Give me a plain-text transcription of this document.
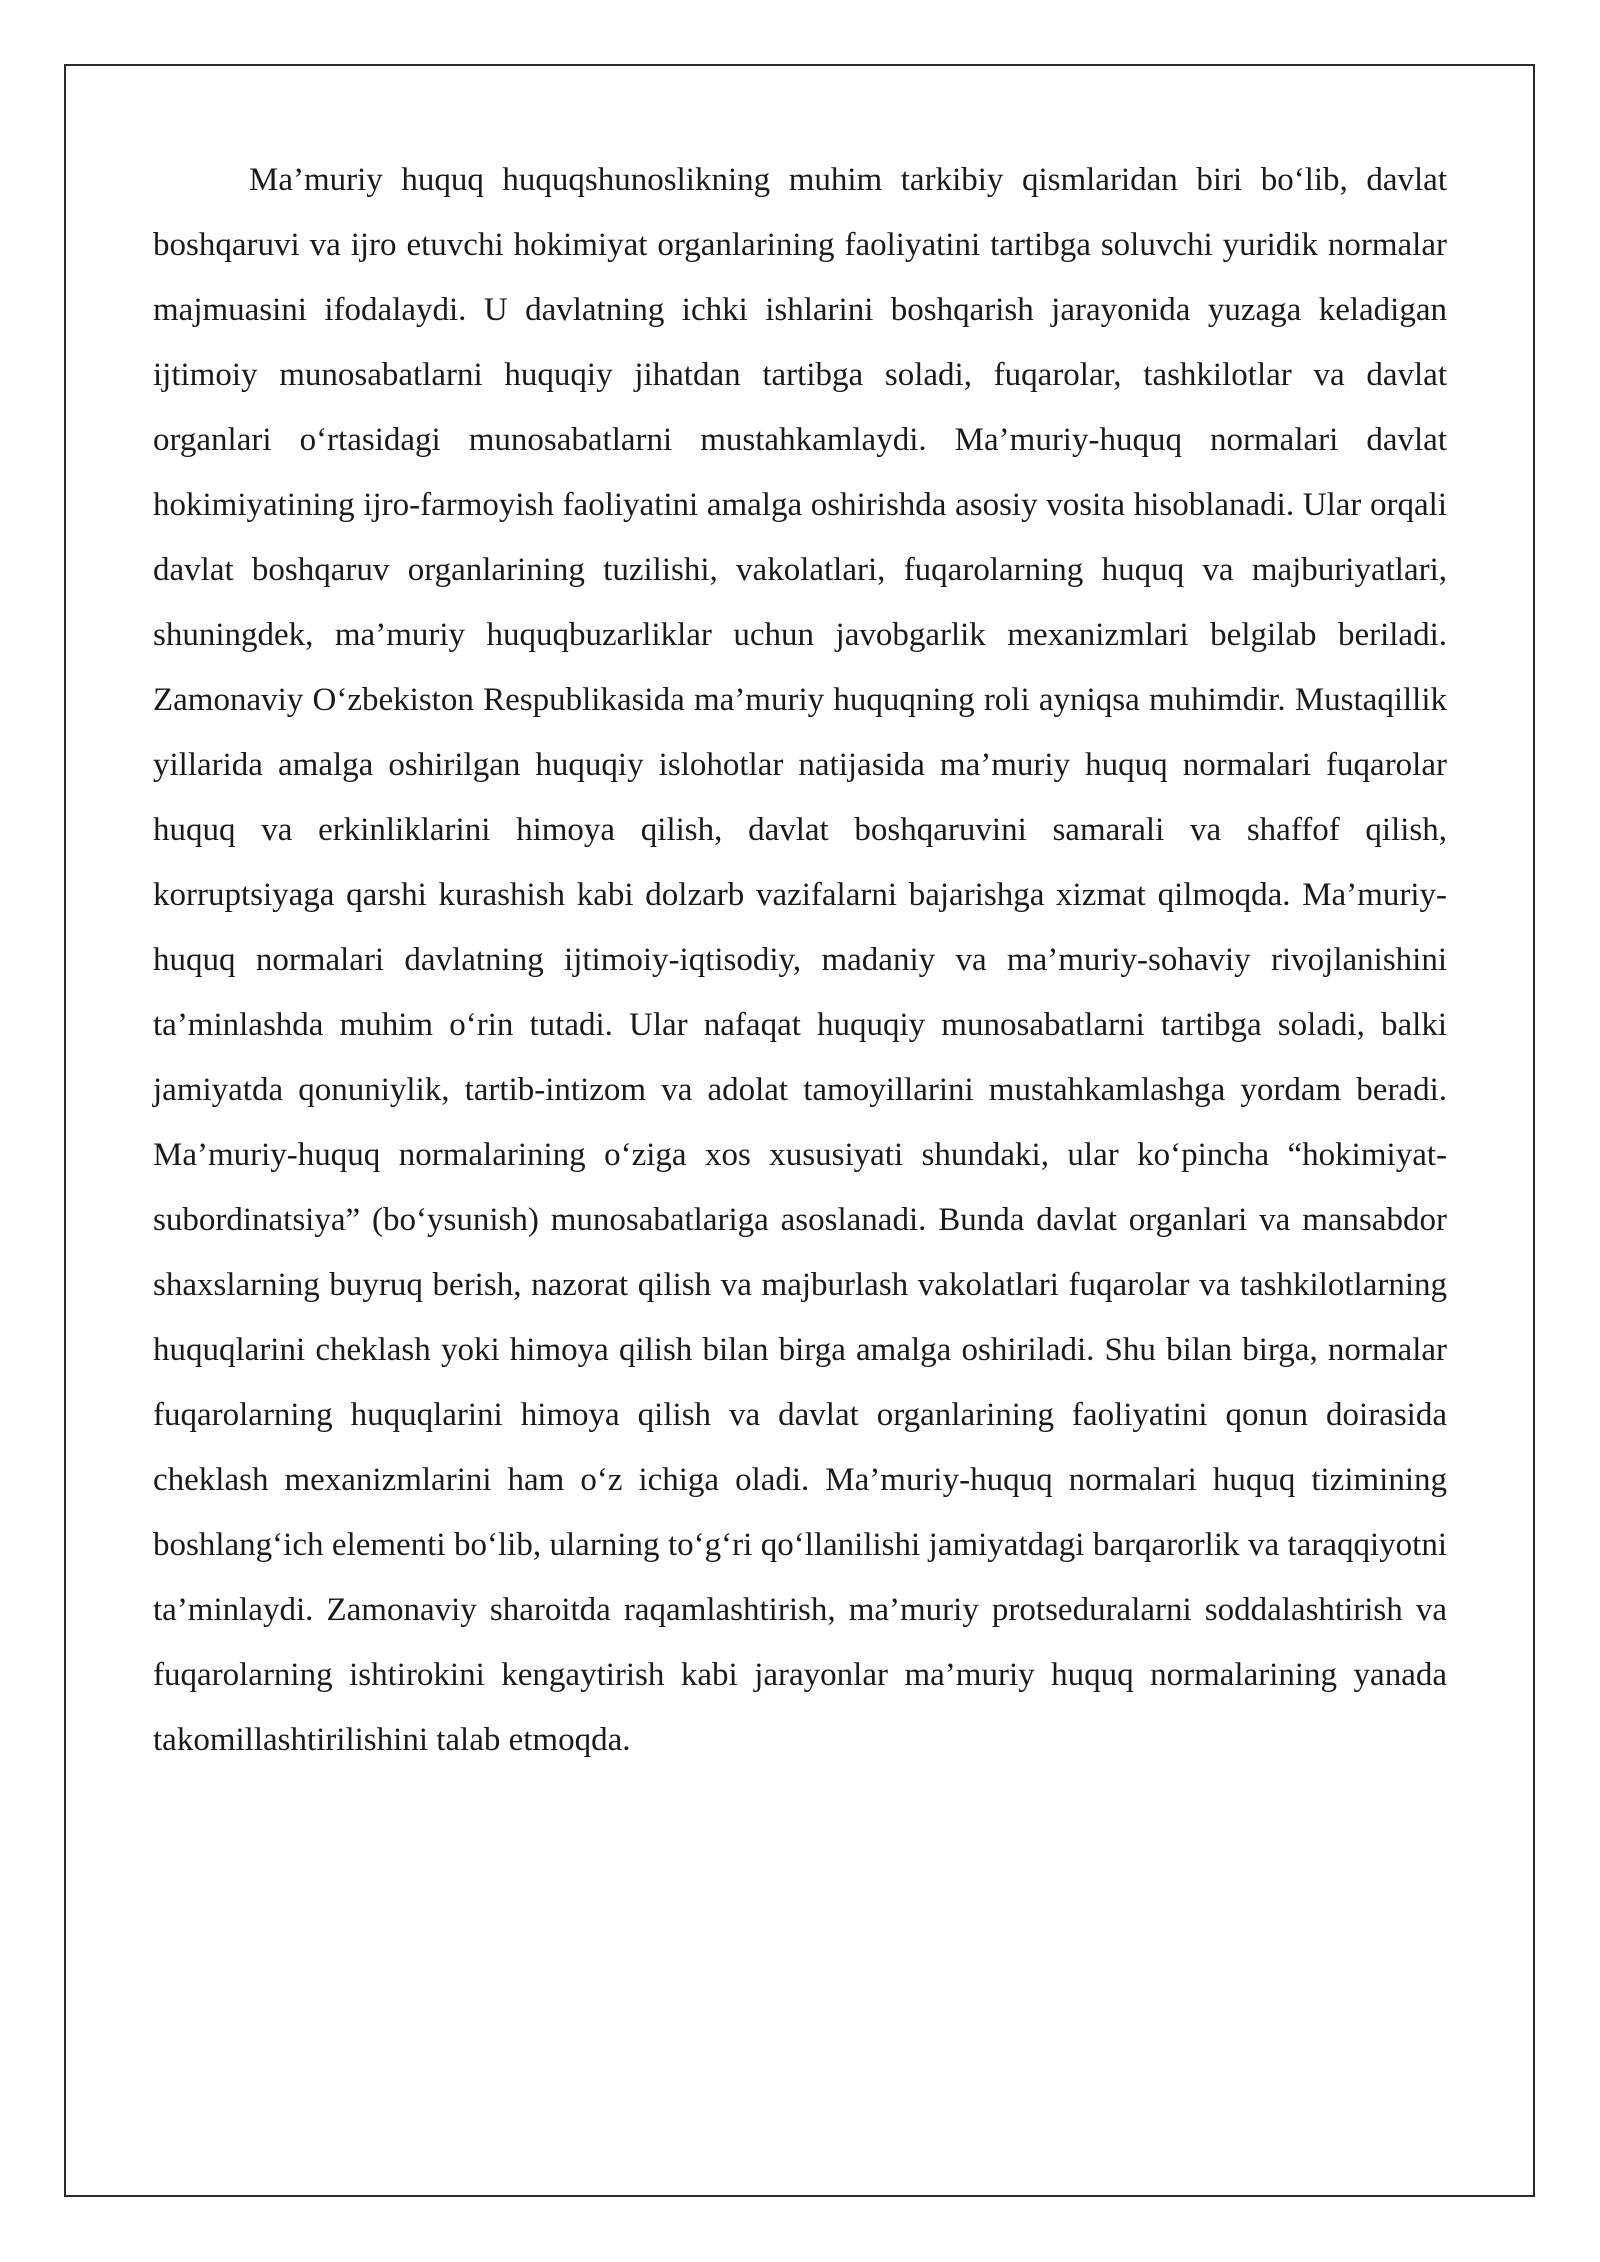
Ma’muriy huquq huquqshunoslikning muhim tarkibiy qismlaridan biri bo‘lib, davlat boshqaruvi va ijro etuvchi hokimiyat organlarining faoliyatini tartibga soluvchi yuridik normalar majmuasini ifodalaydi. U davlatning ichki ishlarini boshqarish jarayonida yuzaga keladigan ijtimoiy munosabatlarni huquqiy jihatdan tartibga soladi, fuqarolar, tashkilotlar va davlat organlari o‘rtasidagi munosabatlarni mustahkamlaydi. Ma’muriy-huquq normalari davlat hokimiyatining ijro-farmoyish faoliyatini amalga oshirishda asosiy vosita hisoblanadi. Ular orqali davlat boshqaruv organlarining tuzilishi, vakolatlari, fuqarolarning huquq va majburiyatlari, shuningdek, ma’muriy huquqbuzarliklar uchun javobgarlik mexanizmlari belgilab beriladi. Zamonaviy O‘zbekiston Respublikasida ma’muriy huquqning roli ayniqsa muhimdir. Mustaqillik yillarida amalga oshirilgan huquqiy islohotlar natijasida ma’muriy huquq normalari fuqarolar huquq va erkinliklarini himoya qilish, davlat boshqaruvini samarali va shaffof qilish, korruptsiyaga qarshi kurashish kabi dolzarb vazifalarni bajarishga xizmat qilmoqda. Ma’muriy-huquq normalari davlatning ijtimoiy-iqtisodiy, madaniy va ma’muriy-sohaviy rivojlanishini ta’minlashda muhim o‘rin tutadi. Ular nafaqat huquqiy munosabatlarni tartibga soladi, balki jamiyatda qonuniylik, tartib-intizom va adolat tamoyillarini mustahkamlashga yordam beradi. Ma’muriy-huquq normalarining o‘ziga xos xususiyati shundaki, ular ko‘pincha “hokimiyat-subordinatsiya” (bo‘ysunish) munosabatlariga asoslanadi. Bunda davlat organlari va mansabdor shaxslarning buyruq berish, nazorat qilish va majburlash vakolatlari fuqarolar va tashkilotlarning huquqlarini cheklash yoki himoya qilish bilan birga amalga oshiriladi. Shu bilan birga, normalar fuqarolarning huquqlarini himoya qilish va davlat organlarining faoliyatini qonun doirasida cheklash mexanizmlarini ham o‘z ichiga oladi. Ma’muriy-huquq normalari huquq tizimining boshlang‘ich elementi bo‘lib, ularning to‘g‘ri qo‘llanilishi jamiyatdagi barqarorlik va taraqqiyotni ta’minlaydi. Zamonaviy sharoitda raqamlashtirish, ma’muriy protseduralarni soddalashtirish va fuqarolarning ishtirokini kengaytirish kabi jarayonlar ma’muriy huquq normalarining yanada takomillashtirilishini talab etmoqda.
